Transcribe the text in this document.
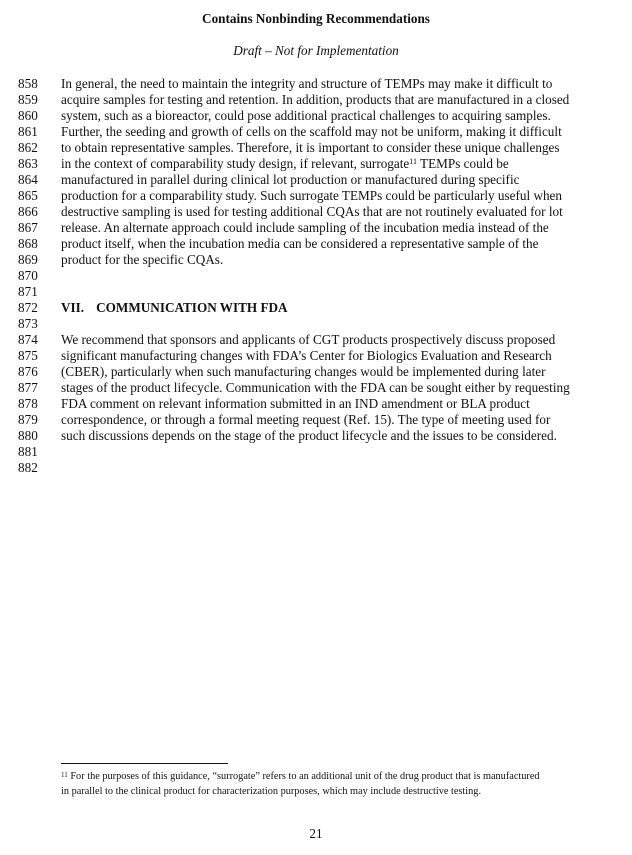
Contains Nonbinding Recommendations
Draft – Not for Implementation
858
859
860
861
862
863
864
865
866
867
868
869
870
871
872
873
874
875
876
877
878
879
880
881
882
In general, the need to maintain the integrity and structure of TEMPs may make it difficult to
acquire samples for testing and retention. In addition, products that are manufactured in a closed
system, such as a bioreactor, could pose additional practical challenges to acquiring samples.
Further, the seeding and growth of cells on the scaffold may not be uniform, making it difficult
to obtain representative samples. Therefore, it is important to consider these unique challenges
in the context of comparability study design, if relevant, surrogate$^{11}$ TEMPs could be
manufactured in parallel during clinical lot production or manufactured during specific
production for a comparability study. Such surrogate TEMPs could be particularly useful when
destructive sampling is used for testing additional CQAs that are not routinely evaluated for lot
release. An alternate approach could include sampling of the incubation media instead of the
product itself, when the incubation media can be considered a representative sample of the
product for the specific CQAs.
VII. COMMUNICATION WITH FDA
We recommend that sponsors and applicants of CGT products prospectively discuss proposed
significant manufacturing changes with FDA’s Center for Biologics Evaluation and Research
(CBER), particularly when such manufacturing changes would be implemented during later
stages of the product lifecycle. Communication with the FDA can be sought either by requesting
FDA comment on relevant information submitted in an IND amendment or BLA product
correspondence, or through a formal meeting request (Ref. 15). The type of meeting used for
such discussions depends on the stage of the product lifecycle and the issues to be considered.
$^{11}$ For the purposes of this guidance, “surrogate” refers to an additional unit of the drug product that is manufactured
in parallel to the clinical product for characterization purposes, which may include destructive testing.
21
